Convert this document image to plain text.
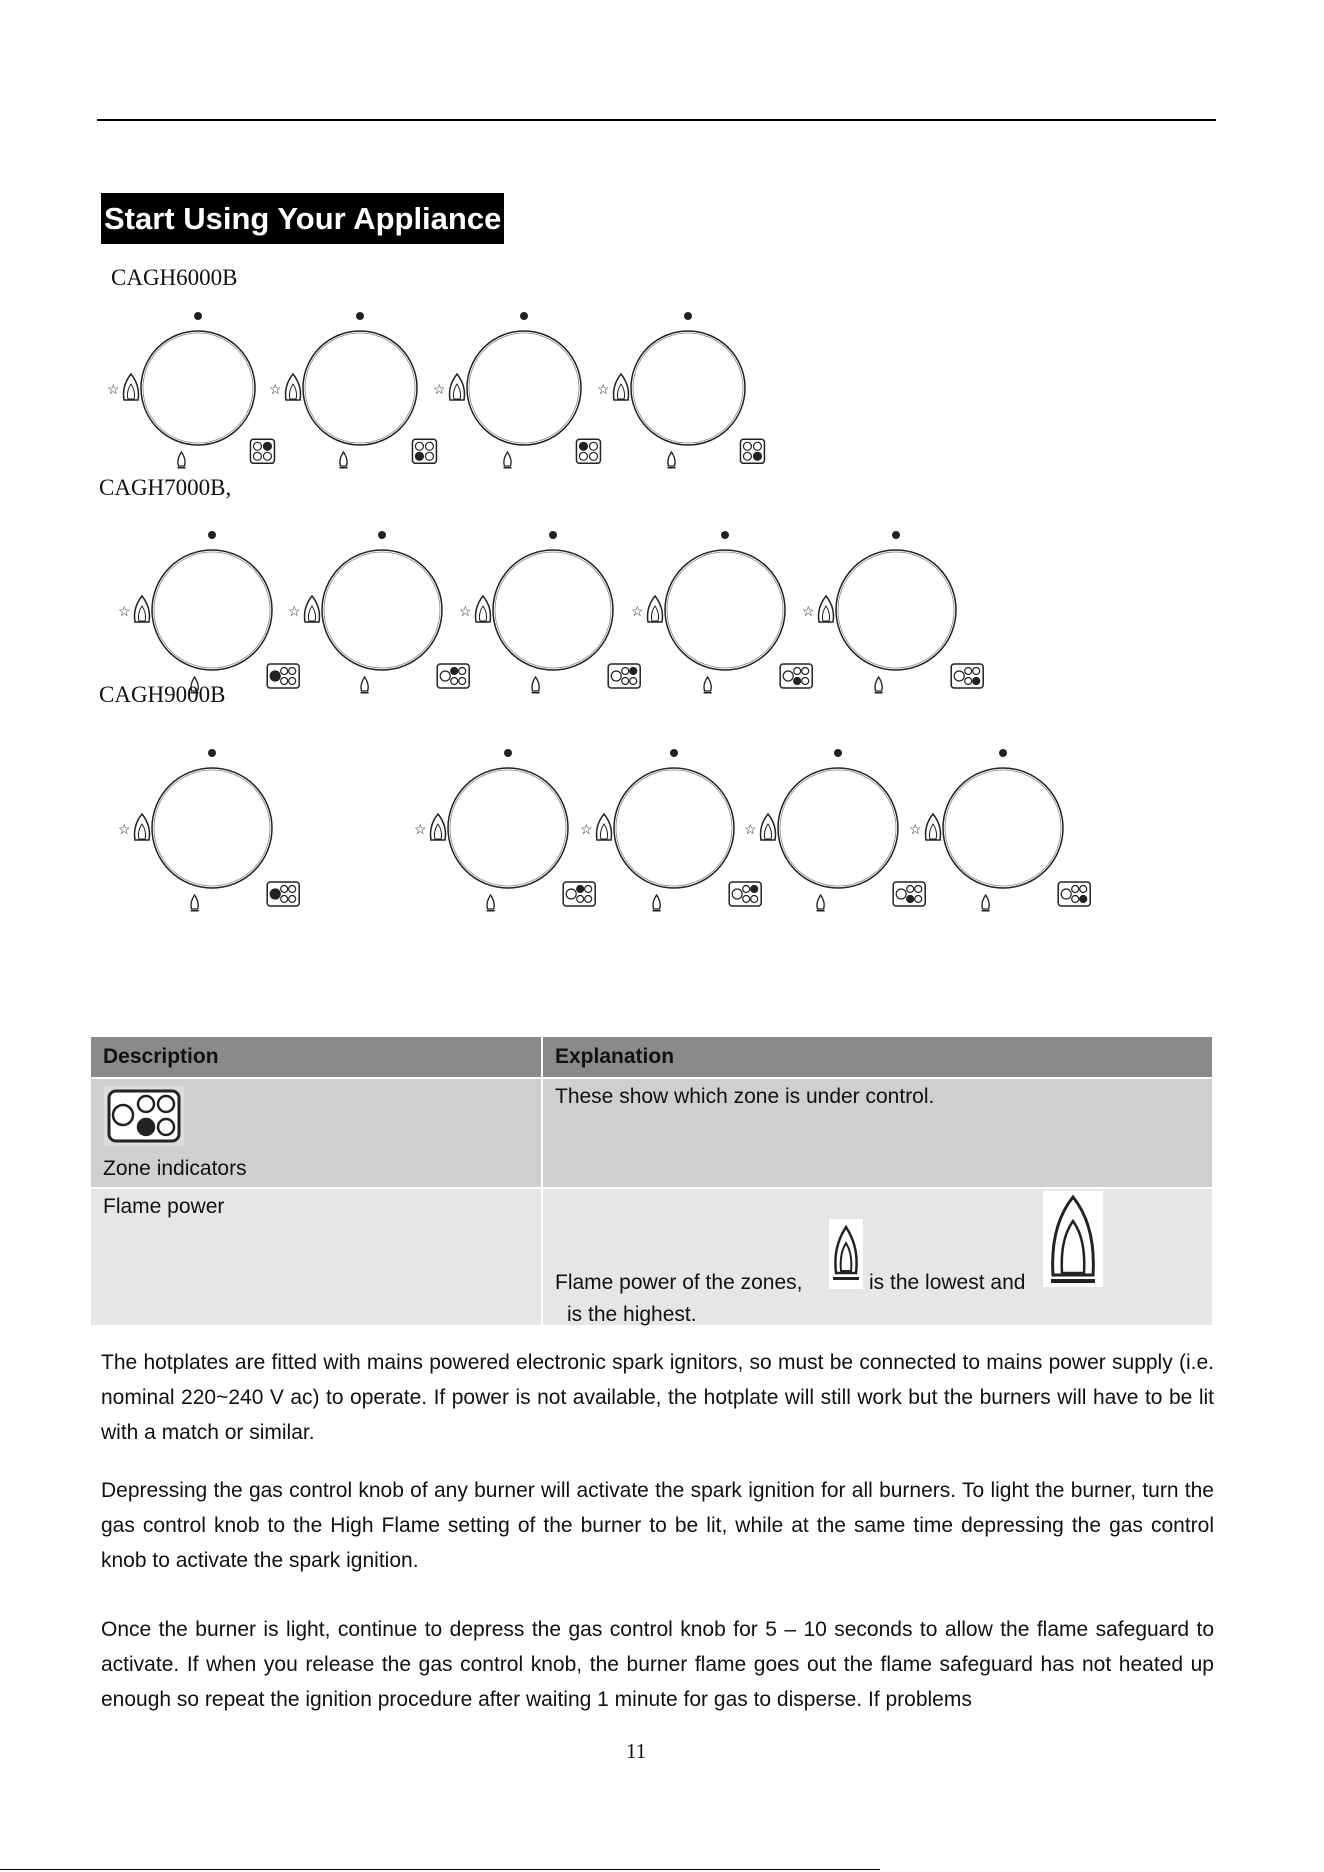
Start Using Your Appliance
CAGH6000B
☆	☆	☆	☆
CAGH7000B,
☆	☆	☆	☆	☆
CAGH9000B
☆	☆	☆	☆	☆
Description	Explanation

Zone indicators	These show which zone is under control.
Flame power	Flame power of the zones, is the lowest and
is the highest.
The hotplates are fitted with mains powered electronic spark ignitors, so must be connected to mains power supply (i.e. nominal 220~240 V ac) to operate. If power is not available, the hotplate will still work but the burners will have to be lit with a match or similar.
Depressing the gas control knob of any burner will activate the spark ignition for all burners. To light the burner, turn the gas control knob to the High Flame setting of the burner to be lit, while at the same time depressing the gas control knob to activate the spark ignition.
Once the burner is light, continue to depress the gas control knob for 5 – 10 seconds to allow the flame safeguard to activate. If when you release the gas control knob, the burner flame goes out the flame safeguard has not heated up enough so repeat the ignition procedure after waiting 1 minute for gas to disperse. If problems
11
